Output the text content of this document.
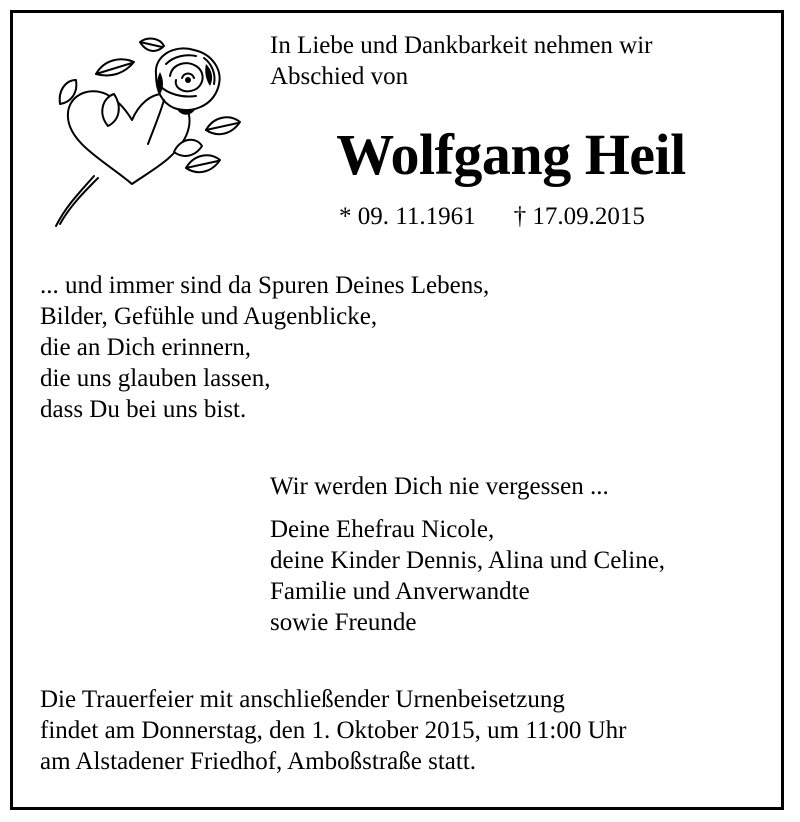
In Liebe und Dankbarkeit nehmen wir
Abschied von
Wolfgang Heil
* 09. 11.1961 † 17.09.2015
... und immer sind da Spuren Deines Lebens,
Bilder, Gefühle und Augenblicke,
die an Dich erinnern,
die uns glauben lassen,
dass Du bei uns bist.
Wir werden Dich nie vergessen ...
Deine Ehefrau Nicole,
deine Kinder Dennis, Alina und Celine,
Familie und Anverwandte
sowie Freunde
Die Trauerfeier mit anschließender Urnenbeisetzung
findet am Donnerstag, den 1. Oktober 2015, um 11:00 Uhr
am Alstadener Friedhof, Amboßstraße statt.
